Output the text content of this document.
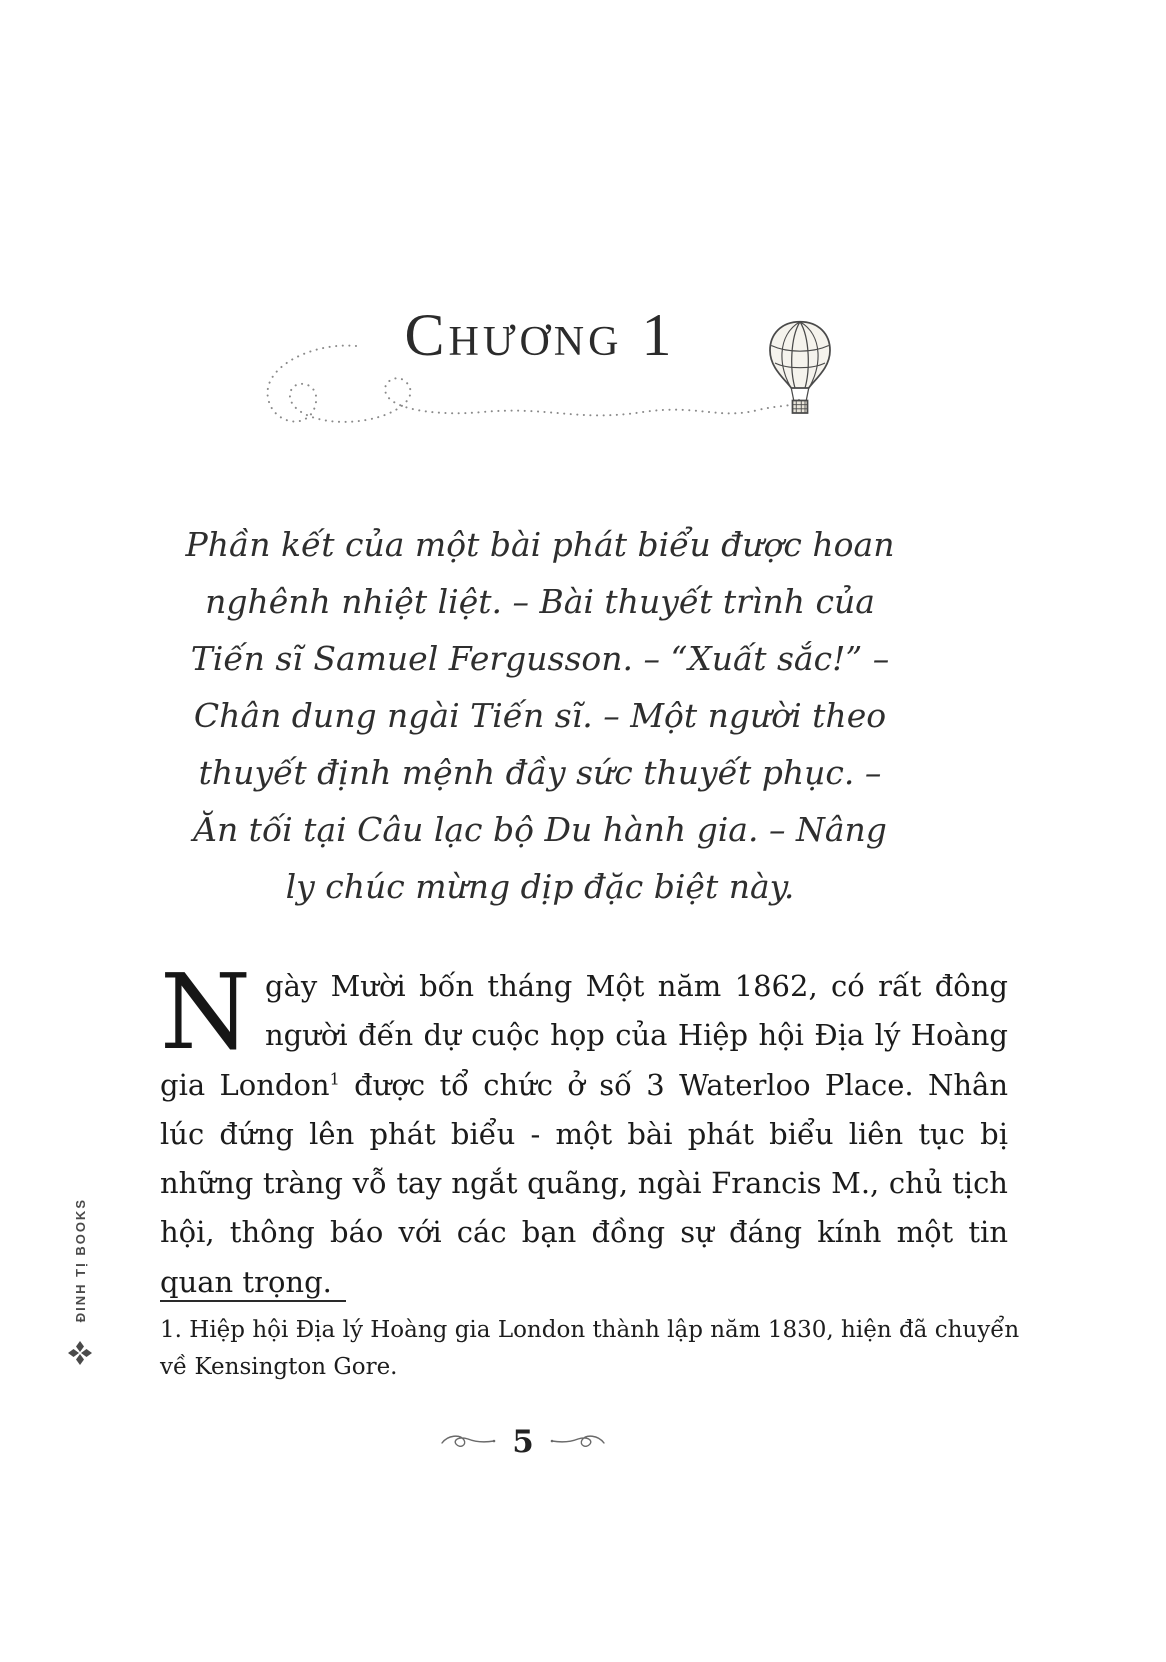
ĐINH TỊ BOOKS
Chương 1
Phần kết của một bài phát biểu được hoan nghênh nhiệt liệt. – Bài thuyết trình của Tiến sĩ Samuel Fergusson. – “Xuất sắc!” – Chân dung ngài Tiến sĩ. – Một người theo thuyết định mệnh đầy sức thuyết phục. – Ăn tối tại Câu lạc bộ Du hành gia. – Nâng ly chúc mừng dịp đặc biệt này.

Ngày Mười bốn tháng Một năm 1862, có rất đông người đến dự cuộc họp của Hiệp hội Địa lý Hoàng gia London$^1$ được tổ chức ở số 3 Waterloo Place. Nhân lúc đứng lên phát biểu - một bài phát biểu liên tục bị những tràng vỗ tay ngắt quãng, ngài Francis M., chủ tịch hội, thông báo với các bạn đồng sự đáng kính một tin quan trọng.

1. Hiệp hội Địa lý Hoàng gia London thành lập năm 1830, hiện đã chuyển về Kensington Gore.
5
